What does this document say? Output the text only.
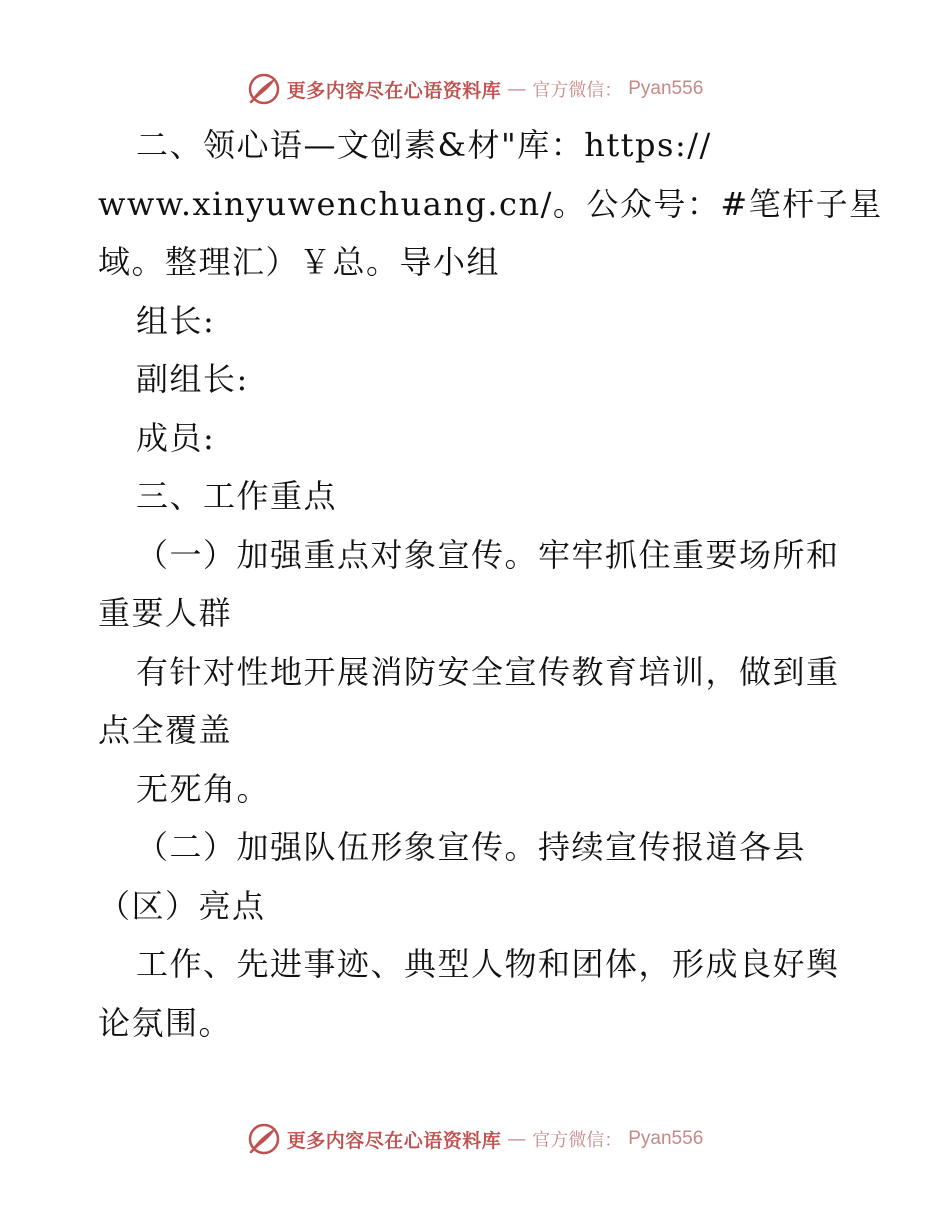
更多内容尽在心语资料库 — 官方微信： Pyan556
二、领心语—文创素&材"库：https://
www.xinyuwenchuang.cn/。公众号：#笔杆子星
域。整理汇）￥总。导小组
组长:
副组长:
成员:
三、工作重点
（一）加强重点对象宣传。牢牢抓住重要场所和
重要人群
有针对性地开展消防安全宣传教育培训，做到重
点全覆盖
无死角。
（二）加强队伍形象宣传。持续宣传报道各县
（区）亮点
工作、先进事迹、典型人物和团体，形成良好舆
论氛围。
更多内容尽在心语资料库 — 官方微信： Pyan556
